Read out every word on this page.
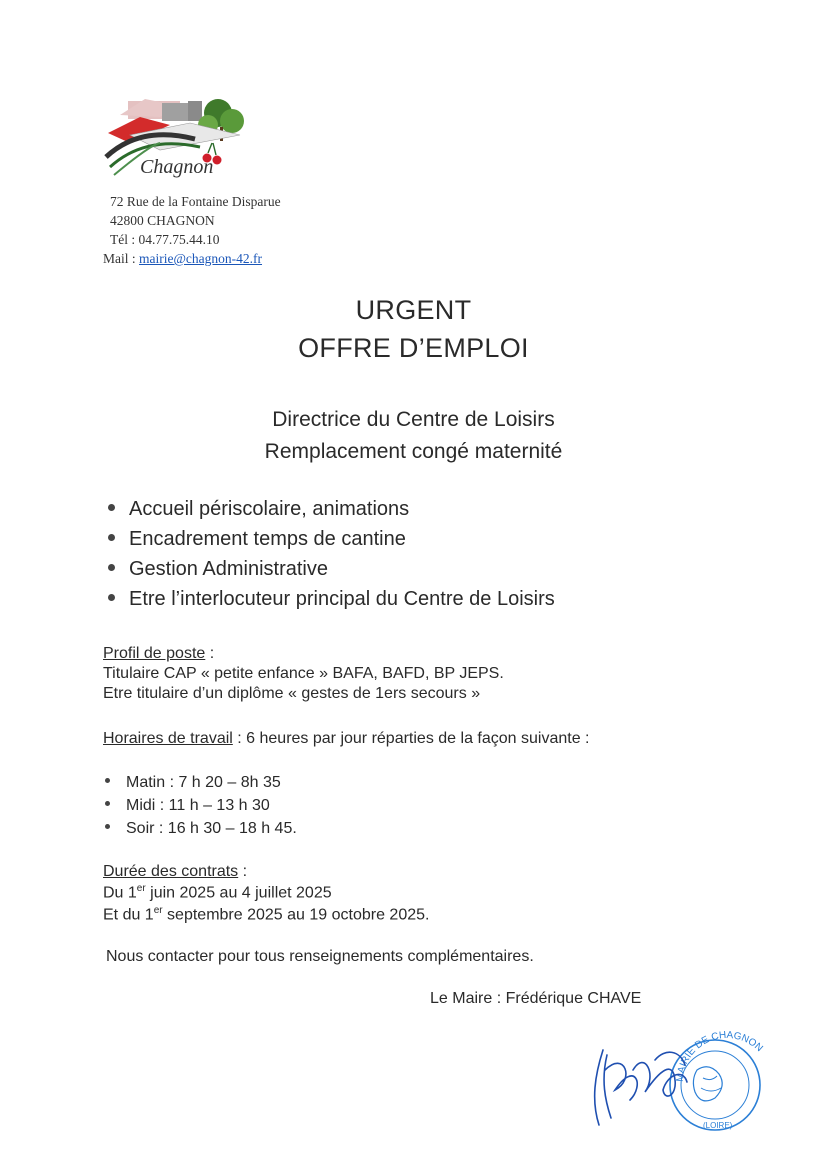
Chagnon
72 Rue de la Fontaine Disparue
42800 CHAGNON
Tél : 04.77.75.44.10
Mail : mairie@chagnon-42.fr
URGENT
OFFRE D’EMPLOI
Directrice du Centre de Loisirs
Remplacement congé maternité
Accueil périscolaire, animations
Encadrement temps de cantine
Gestion Administrative
Etre l’interlocuteur principal du Centre de Loisirs
Profil de poste :
Titulaire CAP « petite enfance » BAFA, BAFD, BP JEPS.
Etre titulaire d’un diplôme « gestes de 1ers secours »
Horaires de travail : 6 heures par jour réparties de la façon suivante :
Matin : 7 h 20 – 8h 35
Midi : 11 h – 13 h 30
Soir : 16 h 30 – 18 h 45.
Durée des contrats :
Du 1er juin 2025 au 4 juillet 2025
Et du 1er septembre 2025 au 19 octobre 2025.
Nous contacter pour tous renseignements complémentaires.
Le Maire : Frédérique CHAVE
MAIRIE DE CHAGNON
(LOIRE)
